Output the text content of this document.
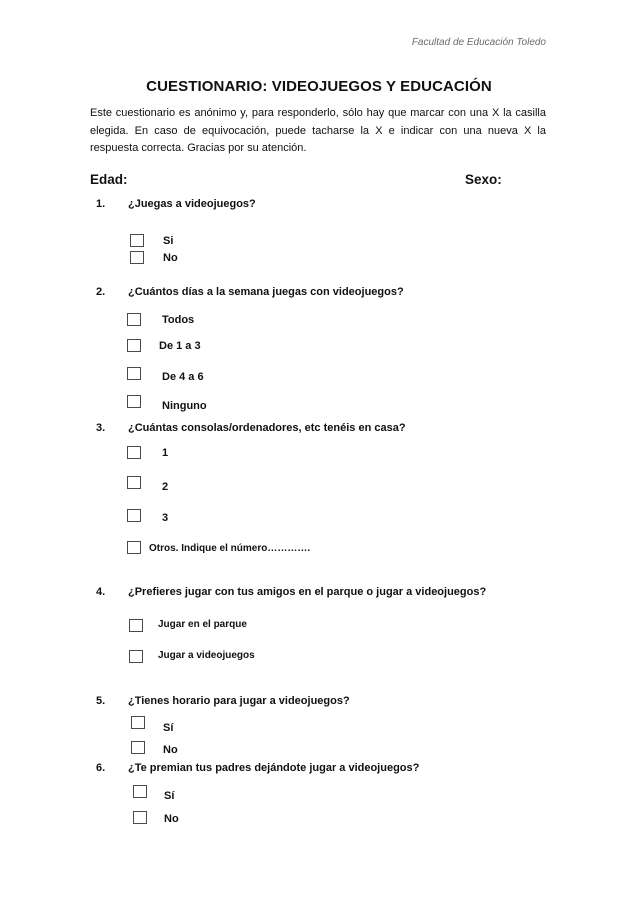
Facultad de Educación Toledo
CUESTIONARIO: VIDEOJUEGOS Y EDUCACIÓN
Este cuestionario es anónimo y, para responderlo, sólo hay que marcar con una X la casilla elegida. En caso de equivocación, puede tacharse la X e indicar con una nueva X la respuesta correcta. Gracias por su atención.
Edad:	Sexo:
1. ¿Juegas a videojuegos?
Si
No
2. ¿Cuántos días a la semana juegas con videojuegos?
Todos
De 1 a 3
De 4 a 6
Ninguno
3. ¿Cuántas consolas/ordenadores, etc tenéis en casa?
1
2
3
Otros. Indique el número………….
4. ¿Prefieres jugar con tus amigos en el parque o jugar a videojuegos?
Jugar en el parque
Jugar a videojuegos
5. ¿Tienes horario para jugar a videojuegos?
Sí
No
6. ¿Te premian tus padres dejándote jugar a videojuegos?
Sí
No
